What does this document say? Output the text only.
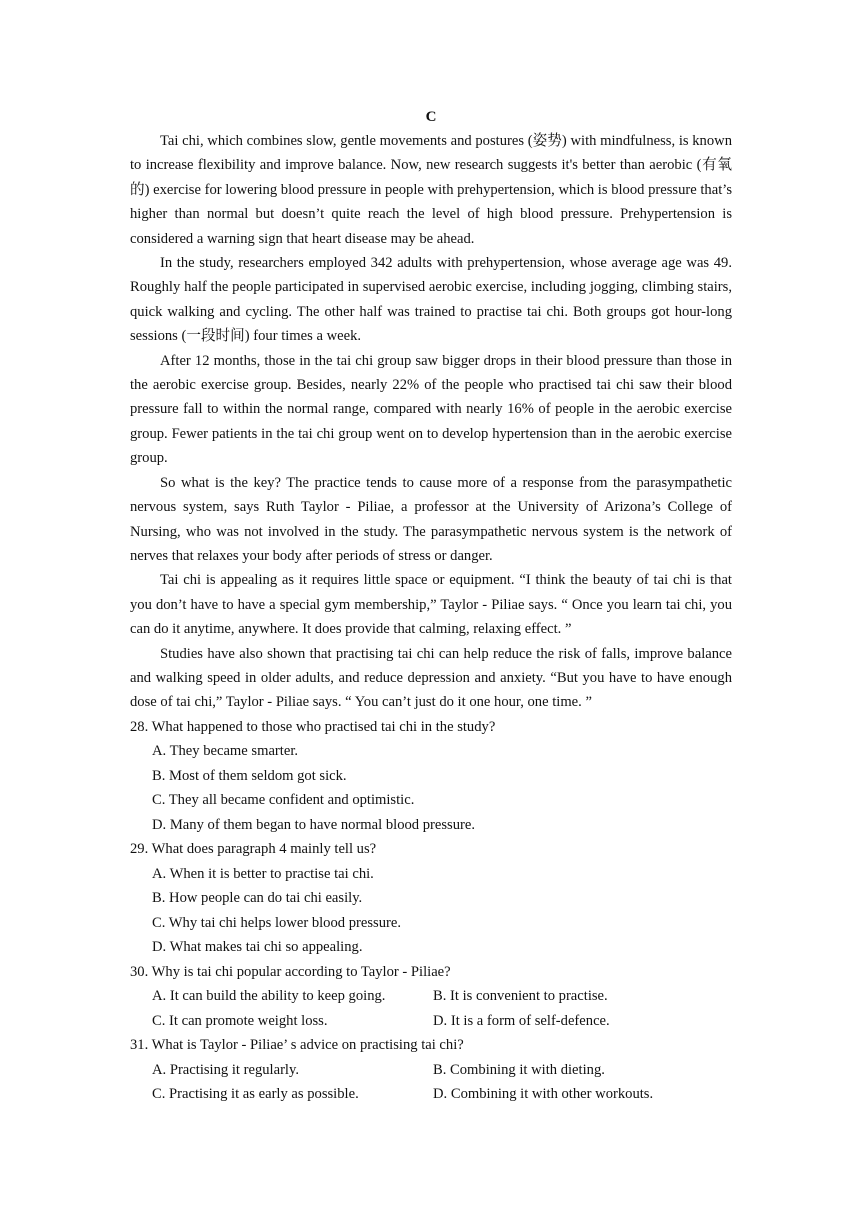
C

Tai chi, which combines slow, gentle movements and postures (姿势) with mindfulness, is known to increase flexibility and improve balance. Now, new research suggests it's better than aerobic (有氧的) exercise for lowering blood pressure in people with prehypertension, which is blood pressure that’s higher than normal but doesn’t quite reach the level of high blood pressure. Prehypertension is considered a warning sign that heart disease may be ahead.

In the study, researchers employed 342 adults with prehypertension, whose average age was 49. Roughly half the people participated in supervised aerobic exercise, including jogging, climbing stairs, quick walking and cycling. The other half was trained to practise tai chi. Both groups got hour-long sessions (一段时间) four times a week.

After 12 months, those in the tai chi group saw bigger drops in their blood pressure than those in the aerobic exercise group. Besides, nearly 22% of the people who practised tai chi saw their blood pressure fall to within the normal range, compared with nearly 16% of people in the aerobic exercise group. Fewer patients in the tai chi group went on to develop hypertension than in the aerobic exercise group.

So what is the key? The practice tends to cause more of a response from the parasympathetic nervous system, says Ruth Taylor - Piliae, a professor at the University of Arizona’s College of Nursing, who was not involved in the study. The parasympathetic nervous system is the network of nerves that relaxes your body after periods of stress or danger.

Tai chi is appealing as it requires little space or equipment. “I think the beauty of tai chi is that you don’t have to have a special gym membership,” Taylor - Piliae says. “ Once you learn tai chi, you can do it anytime, anywhere. It does provide that calming, relaxing effect. ”

Studies have also shown that practising tai chi can help reduce the risk of falls, improve balance and walking speed in older adults, and reduce depression and anxiety. “But you have to have enough dose of tai chi,” Taylor - Piliae says. “ You can’t just do it one hour, one time. ”

28. What happened to those who practised tai chi in the study?

A. They became smarter.

B. Most of them seldom got sick.

C. They all became confident and optimistic.

D. Many of them began to have normal blood pressure.

29. What does paragraph 4 mainly tell us?

A. When it is better to practise tai chi.

B. How people can do tai chi easily.

C. Why tai chi helps lower blood pressure.

D. What makes tai chi so appealing.

30. Why is tai chi popular according to Taylor - Piliae?

A. It can build the ability to keep going.	B. It is convenient to practise.
C. It can promote weight loss.	D. It is a form of self-defence.

31. What is Taylor - Piliae’ s advice on practising tai chi?

A. Practising it regularly.	B. Combining it with dieting.
C. Practising it as early as possible.	D. Combining it with other workouts.
